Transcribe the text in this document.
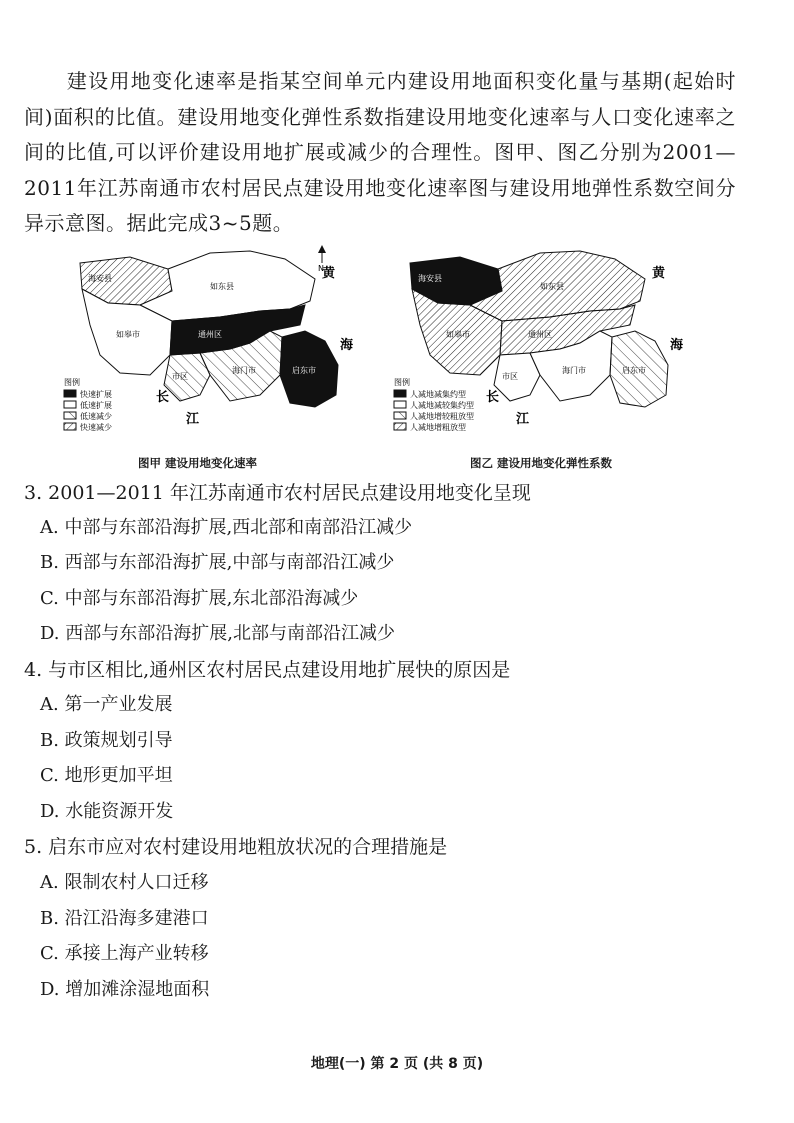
建设用地变化速率是指某空间单元内建设用地面积变化量与基期(起始时间)面积的比值。建设用地变化弹性系数指建设用地变化速率与人口变化速率之间的比值,可以评价建设用地扩展或减少的合理性。图甲、图乙分别为2001—2011年江苏南通市农村居民点建设用地变化速率图与建设用地弹性系数空间分异示意图。据此完成3~5题。

海安县
如东县
如皋市	通州区
市区
海门市	启东市
黄
海
长
江
N
图例
快速扩展
低速扩展
低速减少
快速减少
图甲 建设用地变化速率
海安县
如东县
如皋市	通州区
市区
海门市	启东市
黄
海
长
江
图例
人减地减集约型
人减地减较集约型
人减地增较粗放型
人减地增粗放型
图乙 建设用地变化弹性系数

3. 2001—2011 年江苏南通市农村居民点建设用地变化呈现

A. 中部与东部沿海扩展,西北部和南部沿江减少

B. 西部与东部沿海扩展,中部与南部沿江减少

C. 中部与东部沿海扩展,东北部沿海减少

D. 西部与东部沿海扩展,北部与南部沿江减少

4. 与市区相比,通州区农村居民点建设用地扩展快的原因是

A. 第一产业发展

B. 政策规划引导

C. 地形更加平坦

D. 水能资源开发

5. 启东市应对农村建设用地粗放状况的合理措施是

A. 限制农村人口迁移

B. 沿江沿海多建港口

C. 承接上海产业转移

D. 增加滩涂湿地面积

地理(一) 第 2 页 (共 8 页)
